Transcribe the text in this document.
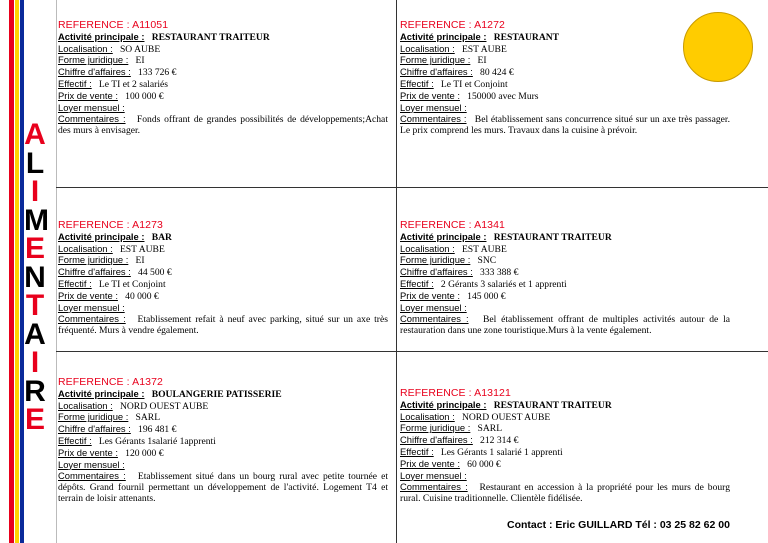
A
L
I
M
E
N
T
A
I
R
E
REFERENCE : A11051
Activité principale : RESTAURANT TRAITEUR
Localisation : SO AUBE
Forme juridique : EI
Chiffre d'affaires : 133 726 €
Effectif : Le TI et 2 salariés
Prix de vente : 100 000 €
Loyer mensuel :
Commentaires : Fonds offrant de grandes possibilités de développements;Achat des murs à envisager.
REFERENCE : A1272
Activité principale : RESTAURANT
Localisation : EST AUBE
Forme juridique : EI
Chiffre d'affaires : 80 424 €
Effectif : Le TI et Conjoint
Prix de vente : 150000 avec Murs
Loyer mensuel :
Commentaires : Bel établissement sans concurrence situé sur un axe très passager. Le prix comprend les murs. Travaux dans la cuisine à prévoir.
REFERENCE : A1273
Activité principale : BAR
Localisation : EST AUBE
Forme juridique : EI
Chiffre d'affaires : 44 500 €
Effectif : Le TI et Conjoint
Prix de vente : 40 000 €
Loyer mensuel :
Commentaires : Etablissement refait à neuf avec parking, situé sur un axe très fréquenté. Murs à vendre également.
REFERENCE : A1341
Activité principale : RESTAURANT TRAITEUR
Localisation : EST AUBE
Forme juridique : SNC
Chiffre d'affaires : 333 388 €
Effectif : 2 Gérants 3 salariés et 1 apprenti
Prix de vente : 145 000 €
Loyer mensuel :
Commentaires : Bel établissement offrant de multiples activités autour de la restauration dans une zone touristique.Murs à la vente également.
REFERENCE : A1372
Activité principale : BOULANGERIE PATISSERIE
Localisation : NORD OUEST AUBE
Forme juridique : SARL
Chiffre d'affaires : 196 481 €
Effectif : Les Gérants 1salarié 1apprenti
Prix de vente : 120 000 €
Loyer mensuel :
Commentaires : Etablissement situé dans un bourg rural avec petite tournée et dépôts. Grand fournil permettant un développement de l'activité. Logement T4 et terrain de loisir attenants.
REFERENCE : A13121
Activité principale : RESTAURANT TRAITEUR
Localisation : NORD OUEST AUBE
Forme juridique : SARL
Chiffre d'affaires : 212 314 €
Effectif : Les Gérants 1 salarié 1 apprenti
Prix de vente : 60 000 €
Loyer mensuel :
Commentaires : Restaurant en accession à la propriété pour les murs de bourg rural. Cuisine traditionnelle. Clientèle fidélisée.
Contact : Eric GUILLARD Tél : 03 25 82 62 00
